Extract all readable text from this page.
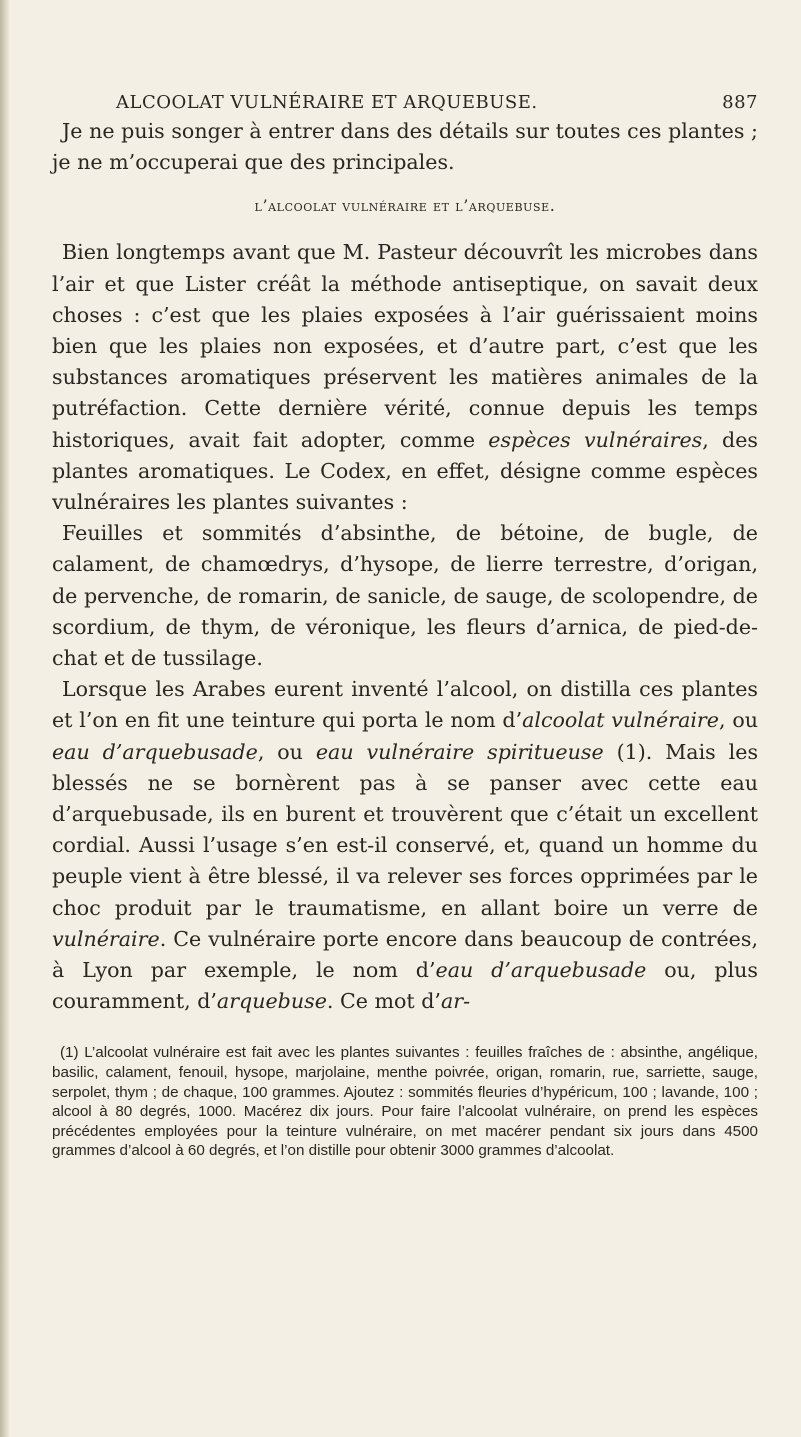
ALCOOLAT VULNÉRAIRE ET ARQUEBUSE.	887

Je ne puis songer à entrer dans des détails sur toutes ces plantes ; je ne m’occuperai que des principales.

l’alcoolat vulnéraire et l’arquebuse.

Bien longtemps avant que M. Pasteur découvrît les microbes dans l’air et que Lister créât la méthode antiseptique, on savait deux choses : c’est que les plaies exposées à l’air guérissaient moins bien que les plaies non exposées, et d’autre part, c’est que les substances aromatiques préservent les matières animales de la putréfaction. Cette dernière vérité, connue depuis les temps historiques, avait fait adopter, comme espèces vulnéraires, des plantes aromatiques. Le Codex, en effet, désigne comme espèces vulnéraires les plantes suivantes :

Feuilles et sommités d’absinthe, de bétoine, de bugle, de calament, de chamœdrys, d’hysope, de lierre terrestre, d’origan, de pervenche, de romarin, de sanicle, de sauge, de scolopendre, de scordium, de thym, de véronique, les fleurs d’arnica, de pied-de-chat et de tussilage.

Lorsque les Arabes eurent inventé l’alcool, on distilla ces plantes et l’on en fit une teinture qui porta le nom d’alcoolat vulnéraire, ou eau d’arquebusade, ou eau vulnéraire spiritueuse (1). Mais les blessés ne se bornèrent pas à se panser avec cette eau d’arquebusade, ils en burent et trouvèrent que c’était un excellent cordial. Aussi l’usage s’en est-il conservé, et, quand un homme du peuple vient à être blessé, il va relever ses forces opprimées par le choc produit par le traumatisme, en allant boire un verre de vulnéraire. Ce vulnéraire porte encore dans beaucoup de contrées, à Lyon par exemple, le nom d’eau d’arquebusade ou, plus couramment, d’arquebuse. Ce mot d’ar-

(1) L’alcoolat vulnéraire est fait avec les plantes suivantes : feuilles fraîches de : absinthe, angélique, basilic, calament, fenouil, hysope, marjolaine, menthe poivrée, origan, romarin, rue, sarriette, sauge, serpolet, thym ; de chaque, 100 grammes. Ajoutez : sommités fleuries d’hypéricum, 100 ; lavande, 100 ; alcool à 80 degrés, 1000. Macérez dix jours. Pour faire l’alcoolat vulnéraire, on prend les espèces précédentes employées pour la teinture vulnéraire, on met macérer pendant six jours dans 4500 grammes d’alcool à 60 degrés, et l’on distille pour obtenir 3000 grammes d’alcoolat.
